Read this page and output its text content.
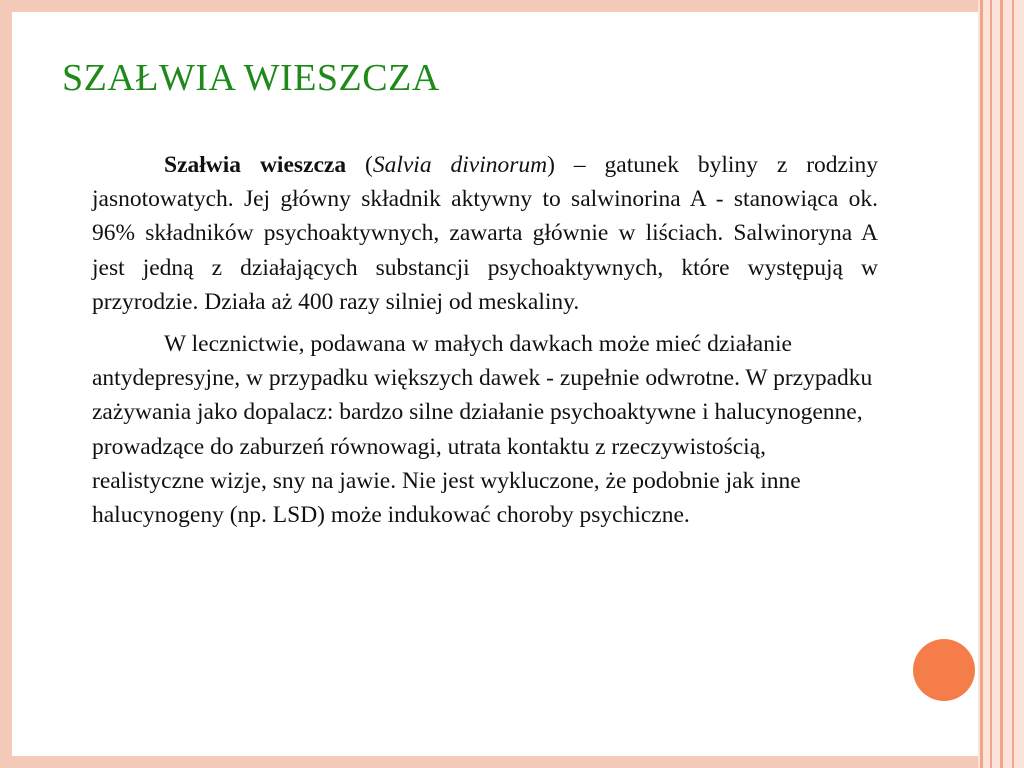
SZAŁWIA WIESZCZA

Szałwia wieszcza (Salvia divinorum) – gatunek byliny z rodziny jasnotowatych. Jej główny składnik aktywny to salwinorina A - stanowiąca ok. 96% składników psychoaktywnych, zawarta głównie w liściach. Salwinoryna A jest jedną z działających substancji psychoaktywnych, które występują w przyrodzie. Działa aż 400 razy silniej od meskaliny.

W lecznictwie, podawana w małych dawkach może mieć działanie antydepresyjne, w przypadku większych dawek - zupełnie odwrotne. W przypadku zażywania jako dopalacz: bardzo silne działanie psychoaktywne i halucynogenne, prowadzące do zaburzeń równowagi, utrata kontaktu z rzeczywistością, realistyczne wizje, sny na jawie. Nie jest wykluczone, że podobnie jak inne halucynogeny (np. LSD) może indukować choroby psychiczne.
